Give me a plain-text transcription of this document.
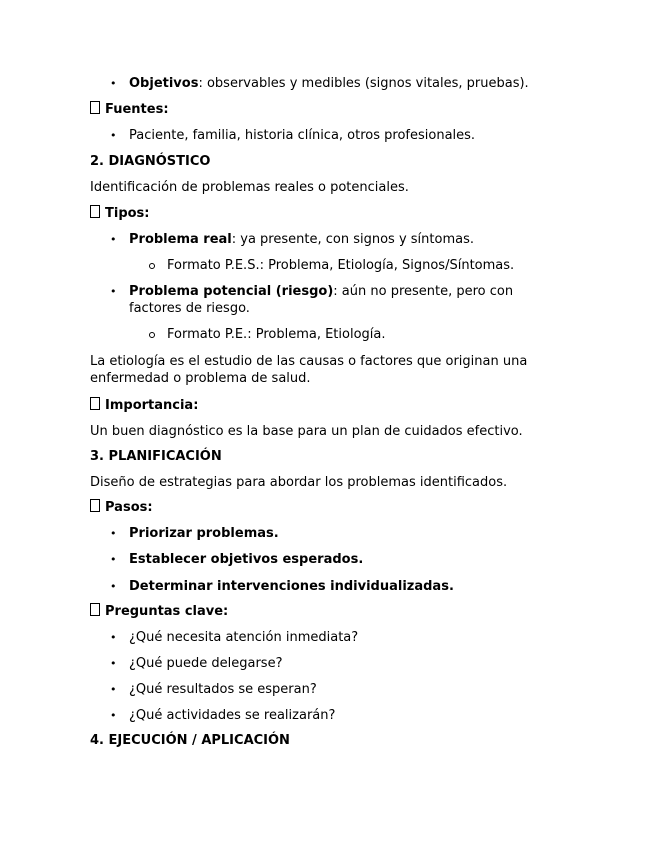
• Objetivos: observables y medibles (signos vitales, pruebas).
Fuentes:
• Paciente, familia, historia clínica, otros profesionales.
2. DIAGNÓSTICO
Identificación de problemas reales o potenciales.
Tipos:
• Problema real: ya presente, con signos y síntomas.
Formato P.E.S.: Problema, Etiología, Signos/Síntomas.
• Problema potencial (riesgo): aún no presente, pero con
factores de riesgo.
Formato P.E.: Problema, Etiología.
La etiología es el estudio de las causas o factores que originan una
enfermedad o problema de salud.
Importancia:
Un buen diagnóstico es la base para un plan de cuidados efectivo.
3. PLANIFICACIÓN
Diseño de estrategias para abordar los problemas identificados.
Pasos:
• Priorizar problemas.
• Establecer objetivos esperados.
• Determinar intervenciones individualizadas.
Preguntas clave:
• ¿Qué necesita atención inmediata?
• ¿Qué puede delegarse?
• ¿Qué resultados se esperan?
• ¿Qué actividades se realizarán?
4. EJECUCIÓN / APLICACIÓN
